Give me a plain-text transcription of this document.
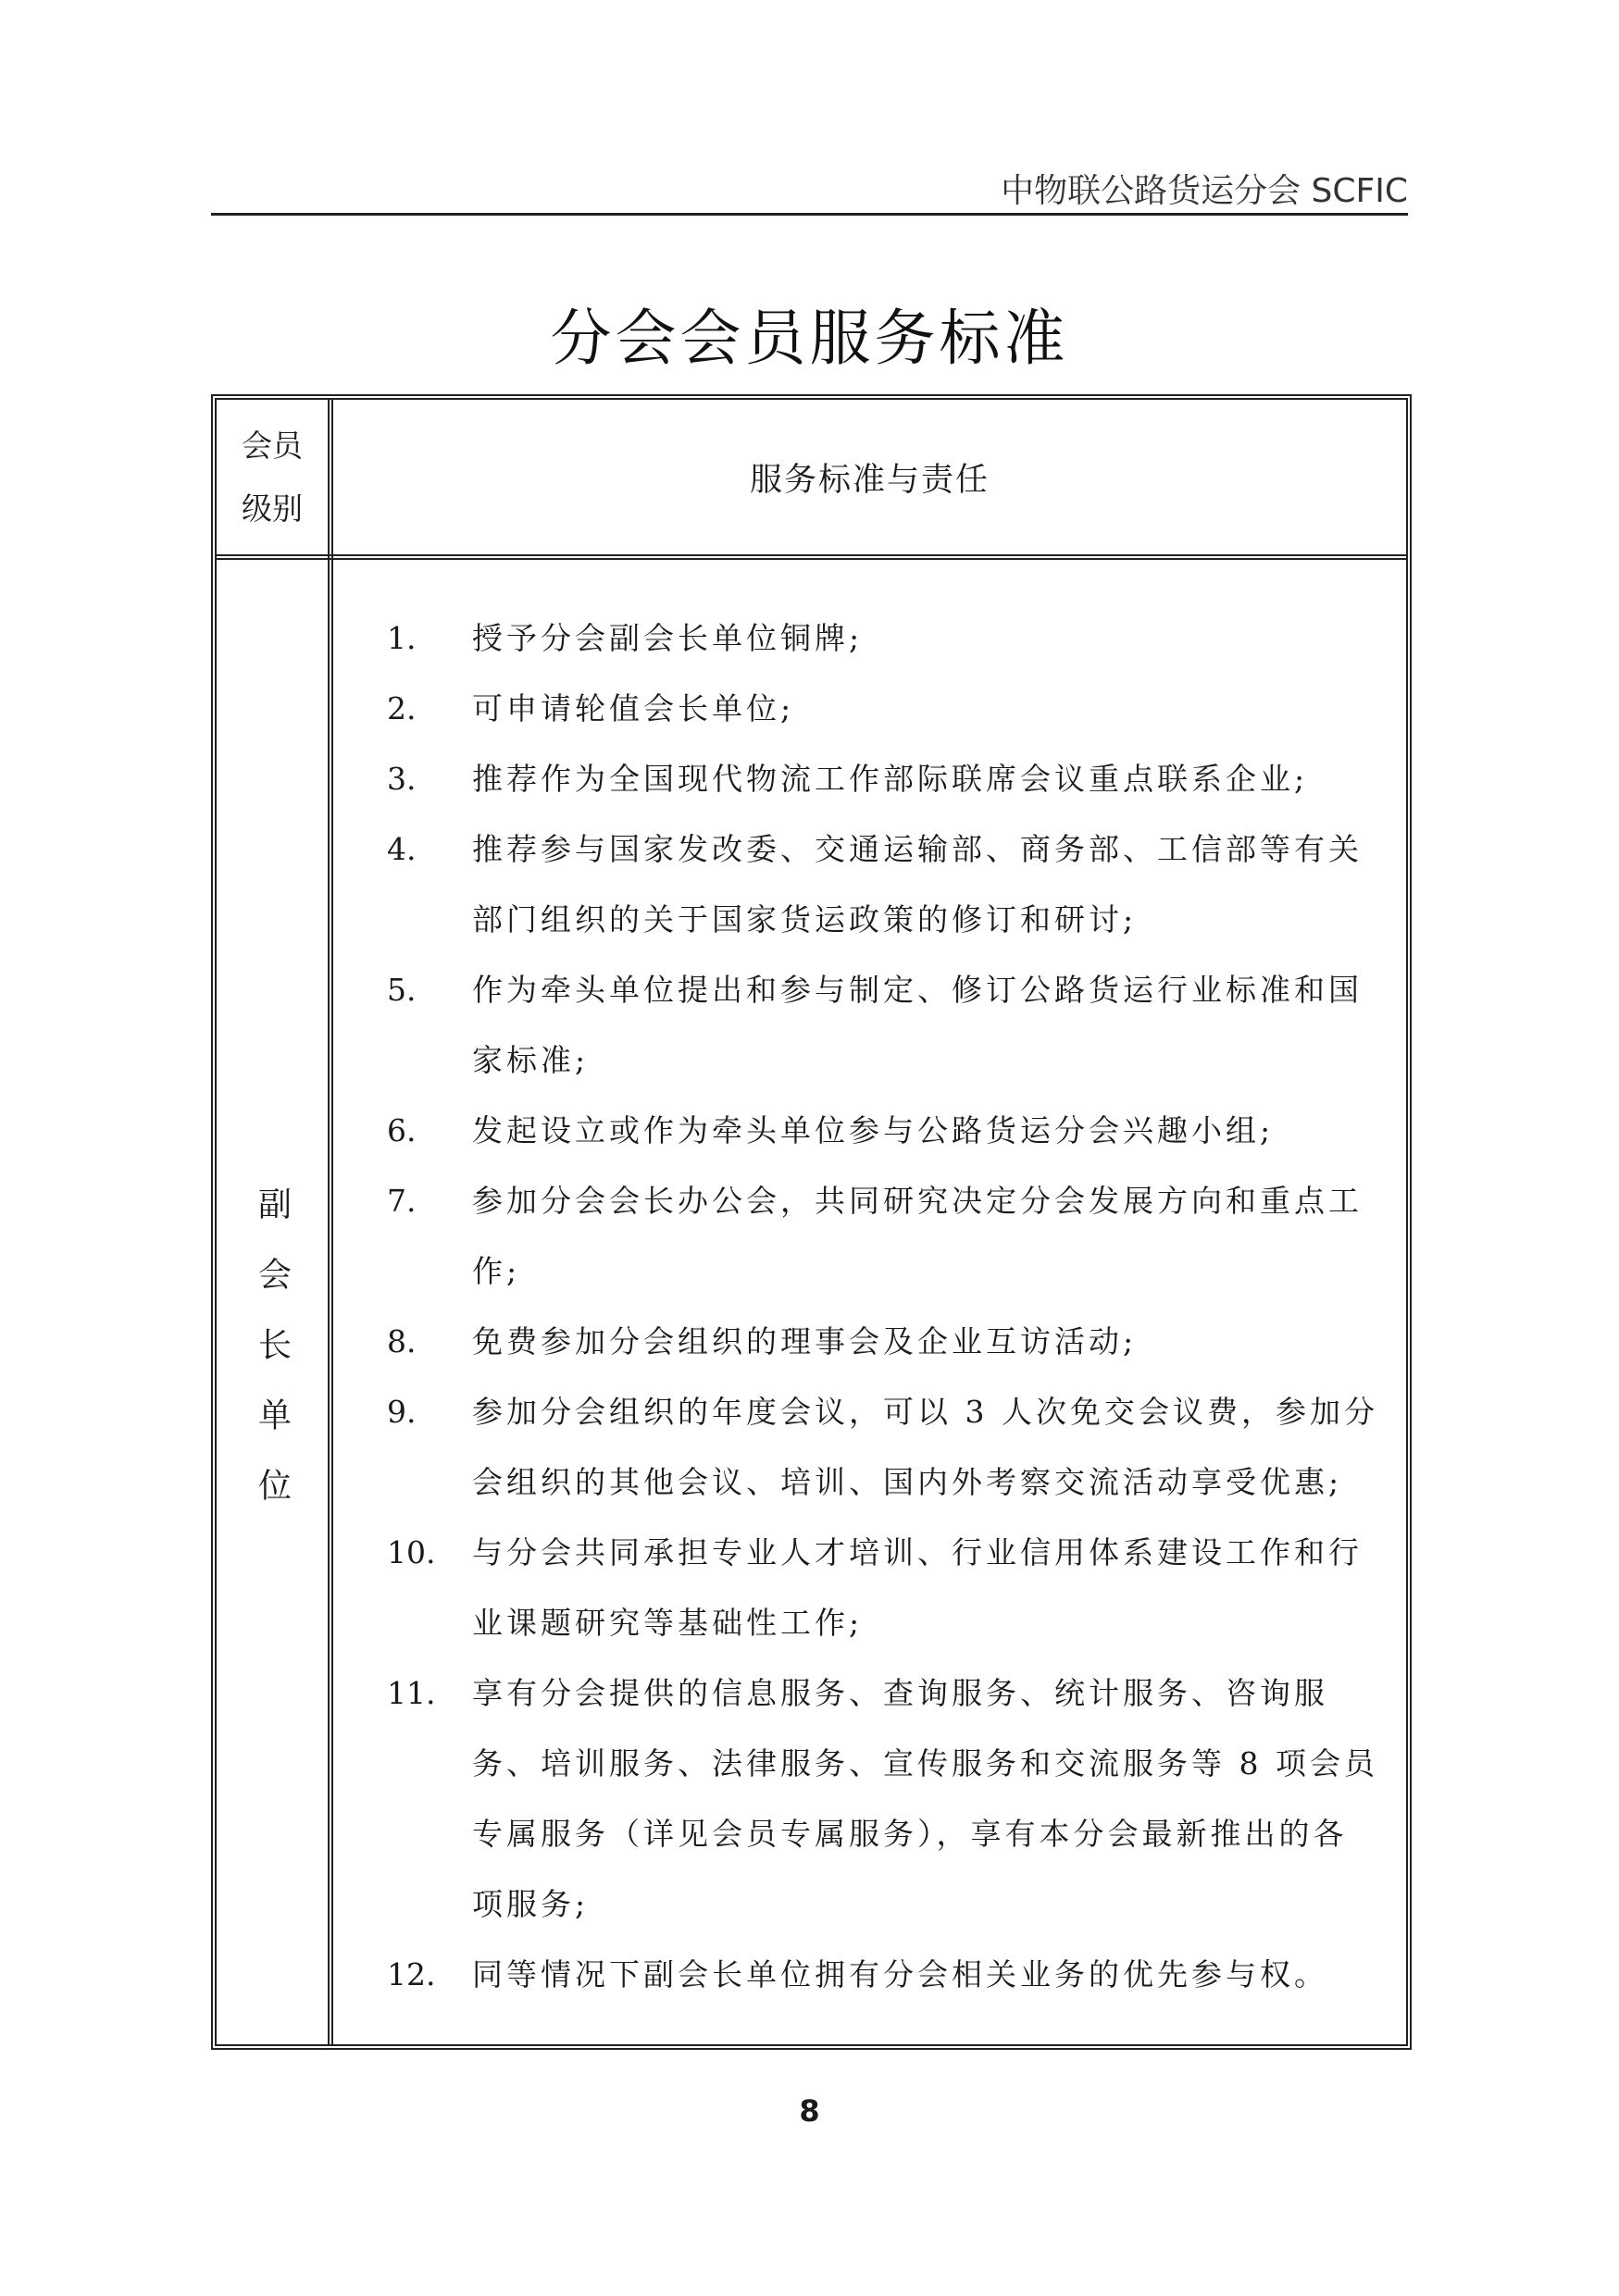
中物联公路货运分会 SCFIC
分会会员服务标准
会员
级别
服务标准与责任
副会长单位
1.	授予分会副会长单位铜牌;
2.	可申请轮值会长单位;
3.	推荐作为全国现代物流工作部际联席会议重点联系企业;
4.	推荐参与国家发改委、交通运输部、商务部、工信部等有关部门组织的关于国家货运政策的修订和研讨;
5.	作为牵头单位提出和参与制定、修订公路货运行业标准和国家标准;
6.	发起设立或作为牵头单位参与公路货运分会兴趣小组;
7.	参加分会会长办公会，共同研究决定分会发展方向和重点工作;
8.	免费参加分会组织的理事会及企业互访活动;
9.	参加分会组织的年度会议，可以 3 人次免交会议费，参加分会组织的其他会议、培训、国内外考察交流活动享受优惠;
10.	与分会共同承担专业人才培训、行业信用体系建设工作和行业课题研究等基础性工作;
11.	享有分会提供的信息服务、查询服务、统计服务、咨询服务、培训服务、法律服务、宣传服务和交流服务等 8 项会员专属服务（详见会员专属服务），享有本分会最新推出的各项服务;
12.	同等情况下副会长单位拥有分会相关业务的优先参与权。
8
